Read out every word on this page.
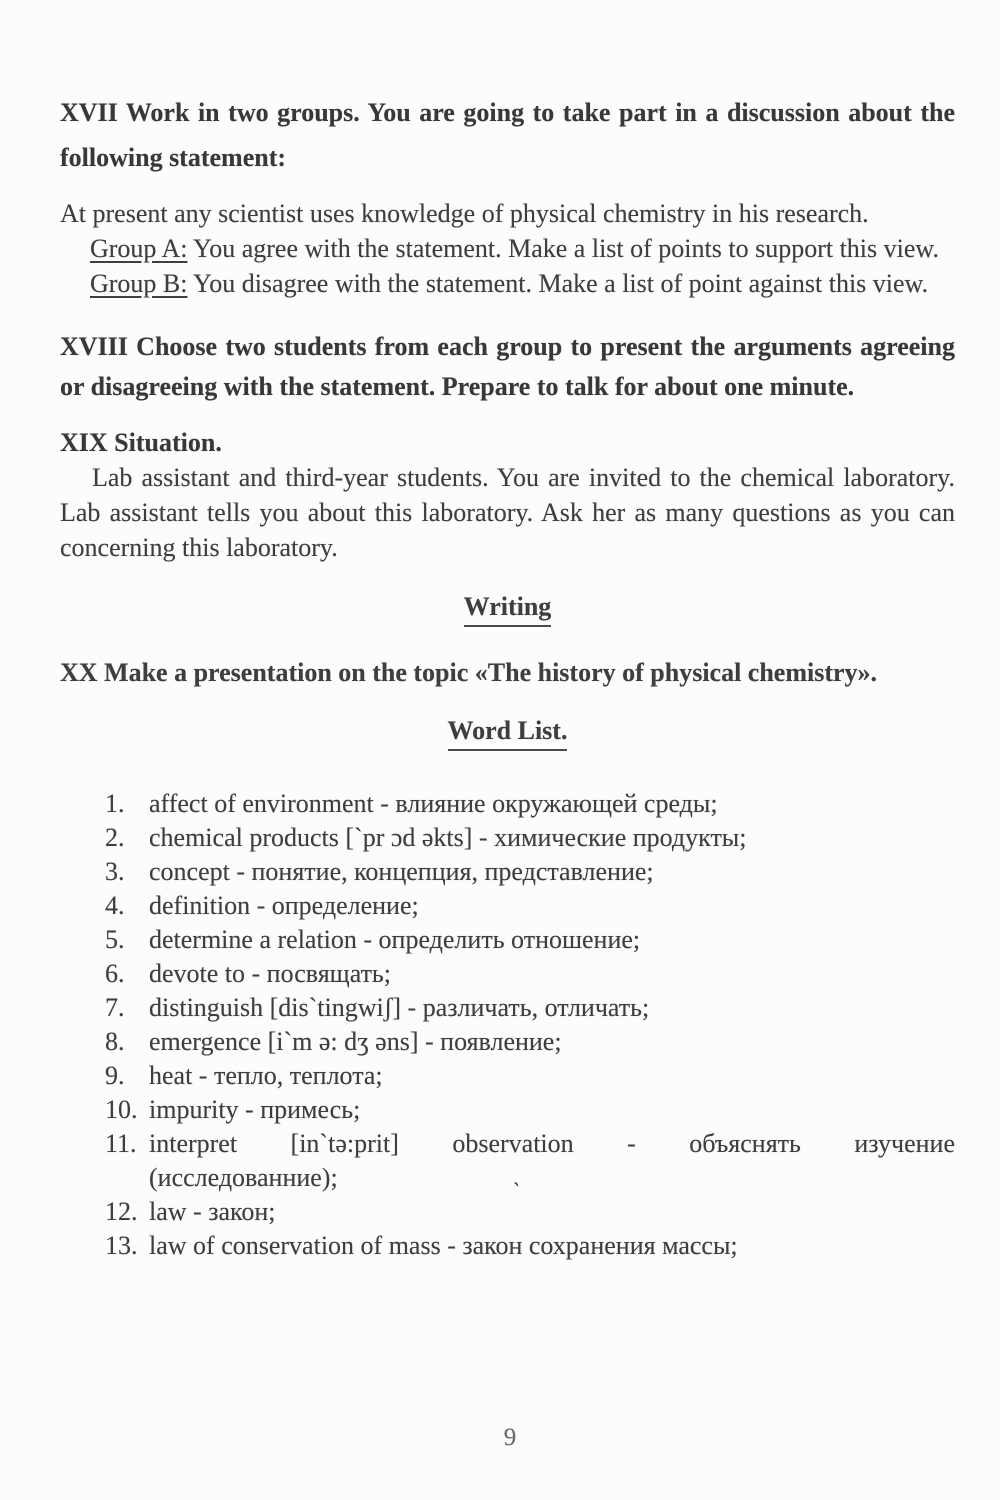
XVII Work in two groups. You are going to take part in a discussion about the following statement:
At present any scientist uses knowledge of physical chemistry in his research.
Group A: You agree with the statement. Make a list of points to support this view.
Group B: You disagree with the statement. Make a list of point against this view.
XVIII Choose two students from each group to present the arguments agreeing or disagreeing with the statement. Prepare to talk for about one minute.
XIX Situation.
Lab assistant and third-year students. You are invited to the chemical laboratory. Lab assistant tells you about this laboratory. Ask her as many questions as you can concerning this laboratory.
Writing
XX Make a presentation on the topic «The history of physical chemistry».
Word List.
1. affect of environment - влияние окружающей среды;
2. chemical products [`pr ɔd əkts] - химические продукты;
3. concept - понятие, концепция, представление;
4. definition - определение;
5. determine a relation - определить отношение;
6. devote to - посвящать;
7. distinguish [dis`tingwiʃ] - различать, отличать;
8. emergence [i`m ə: dʒ əns] - появление;
9. heat - тепло, теплота;
10. impurity - примесь;
11. interpret [in`tə:prit] observation - объяснять изучение
(исследованние);
12. law - закон;
13. law of conservation of mass - закон сохранения массы;
ˋ
9
